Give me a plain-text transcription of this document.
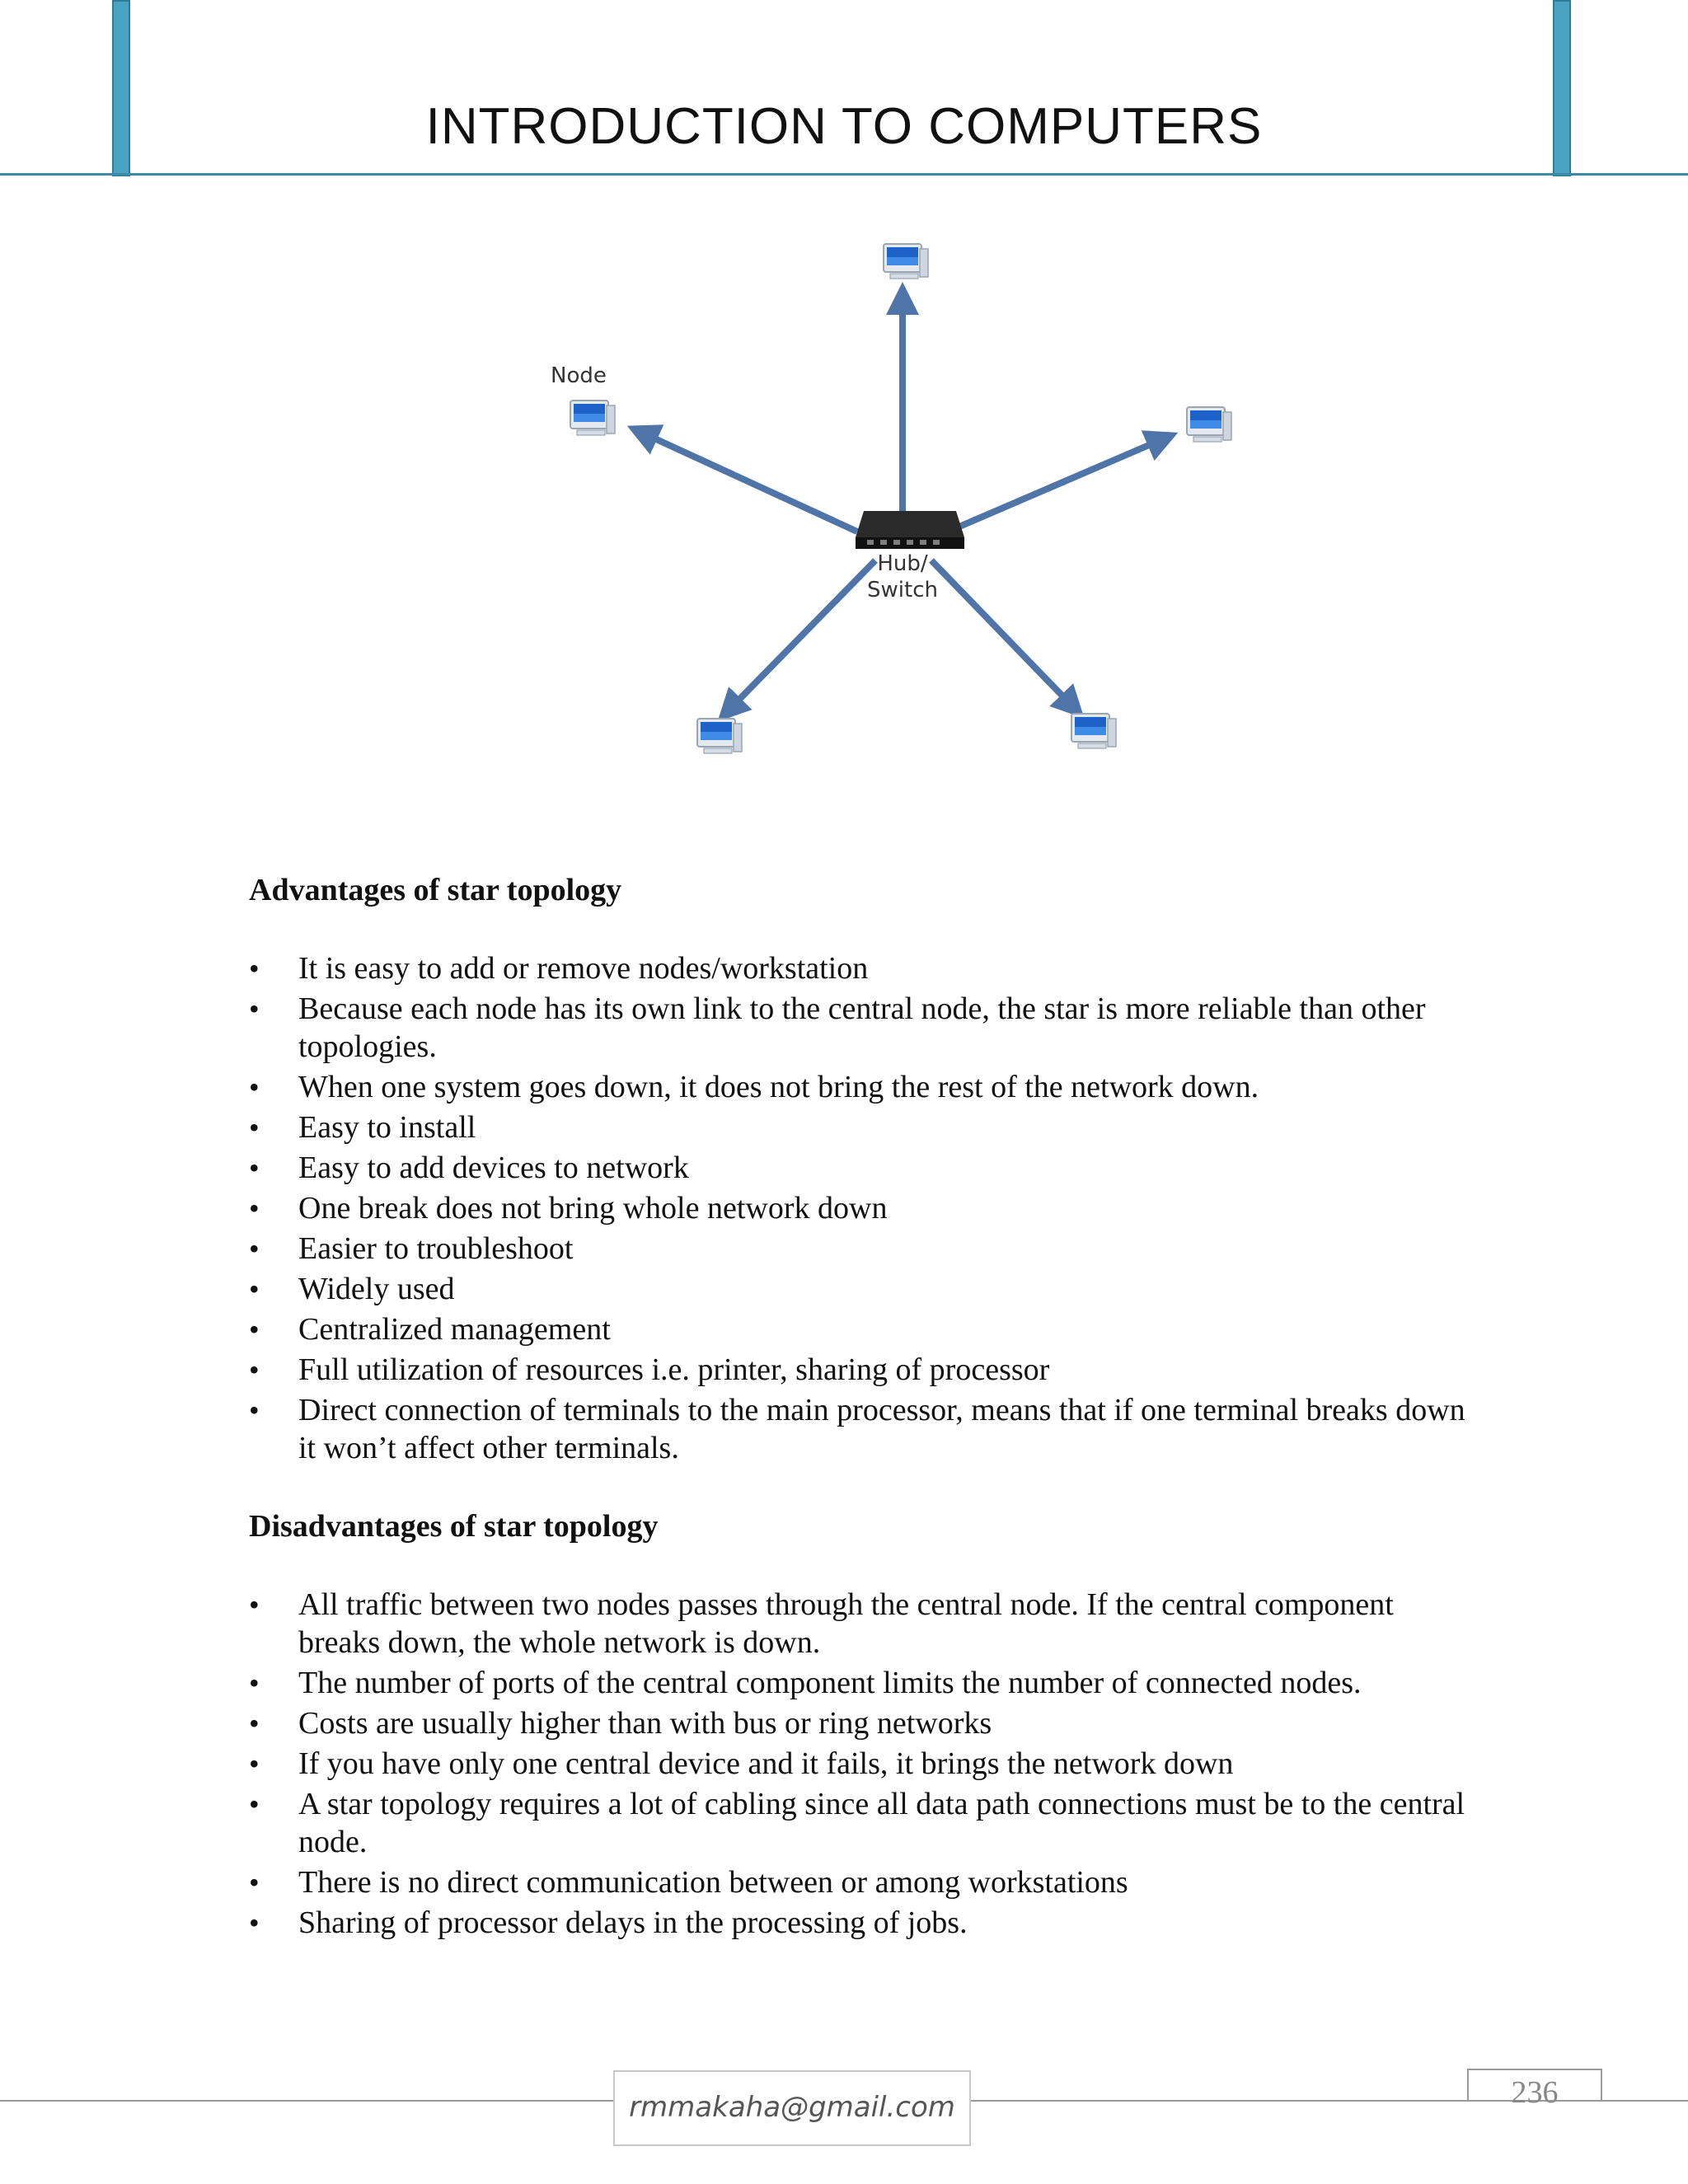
INTRODUCTION TO COMPUTERS
Hub/
Switch
Node
Advantages of star topology
• It is easy to add or remove nodes/workstation
• Because each node has its own link to the central node, the star is more reliable than other topologies.
• When one system goes down, it does not bring the rest of the network down.
• Easy to install
• Easy to add devices to network
• One break does not bring whole network down
• Easier to troubleshoot
• Widely used
• Centralized management
• Full utilization of resources i.e. printer, sharing of processor
• Direct connection of terminals to the main processor, means that if one terminal breaks down it won’t affect other terminals.
Disadvantages of star topology
• All traffic between two nodes passes through the central node. If the central component breaks down, the whole network is down.
• The number of ports of the central component limits the number of connected nodes.
• Costs are usually higher than with bus or ring networks
• If you have only one central device and it fails, it brings the network down
• A star topology requires a lot of cabling since all data path connections must be to the central node.
• There is no direct communication between or among workstations
• Sharing of processor delays in the processing of jobs.
rmmakaha@gmail.com	236
